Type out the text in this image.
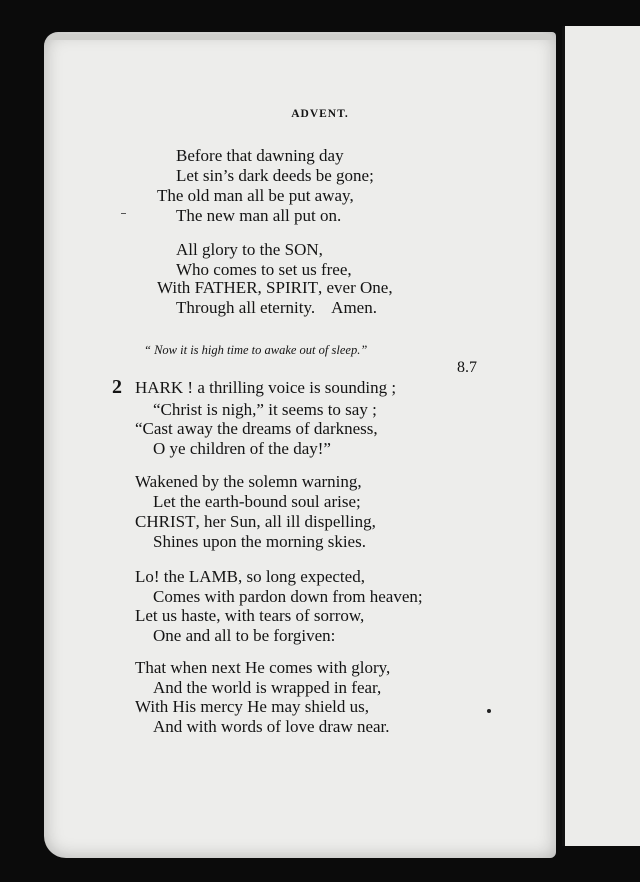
ADVENT.
Before that dawning day
Let sin’s dark deeds be gone;
The old man all be put away,
The new man all put on.
All glory to the SON,
Who comes to set us free,
With FATHER, SPIRIT, ever One,
Through all eternity.    Amen.
“ Now it is high time to awake out of sleep.”
8.7
2 HARK ! a thrilling voice is sounding ;
“Christ is nigh,” it seems to say ;
“Cast away the dreams of darkness,
O ye children of the day!”
Wakened by the solemn warning,
Let the earth-bound soul arise;
CHRIST, her Sun, all ill dispelling,
Shines upon the morning skies.
Lo! the LAMB, so long expected,
Comes with pardon down from heaven;
Let us haste, with tears of sorrow,
One and all to be forgiven:
That when next He comes with glory,
And the world is wrapped in fear,
With His mercy He may shield us,
And with words of love draw near.
